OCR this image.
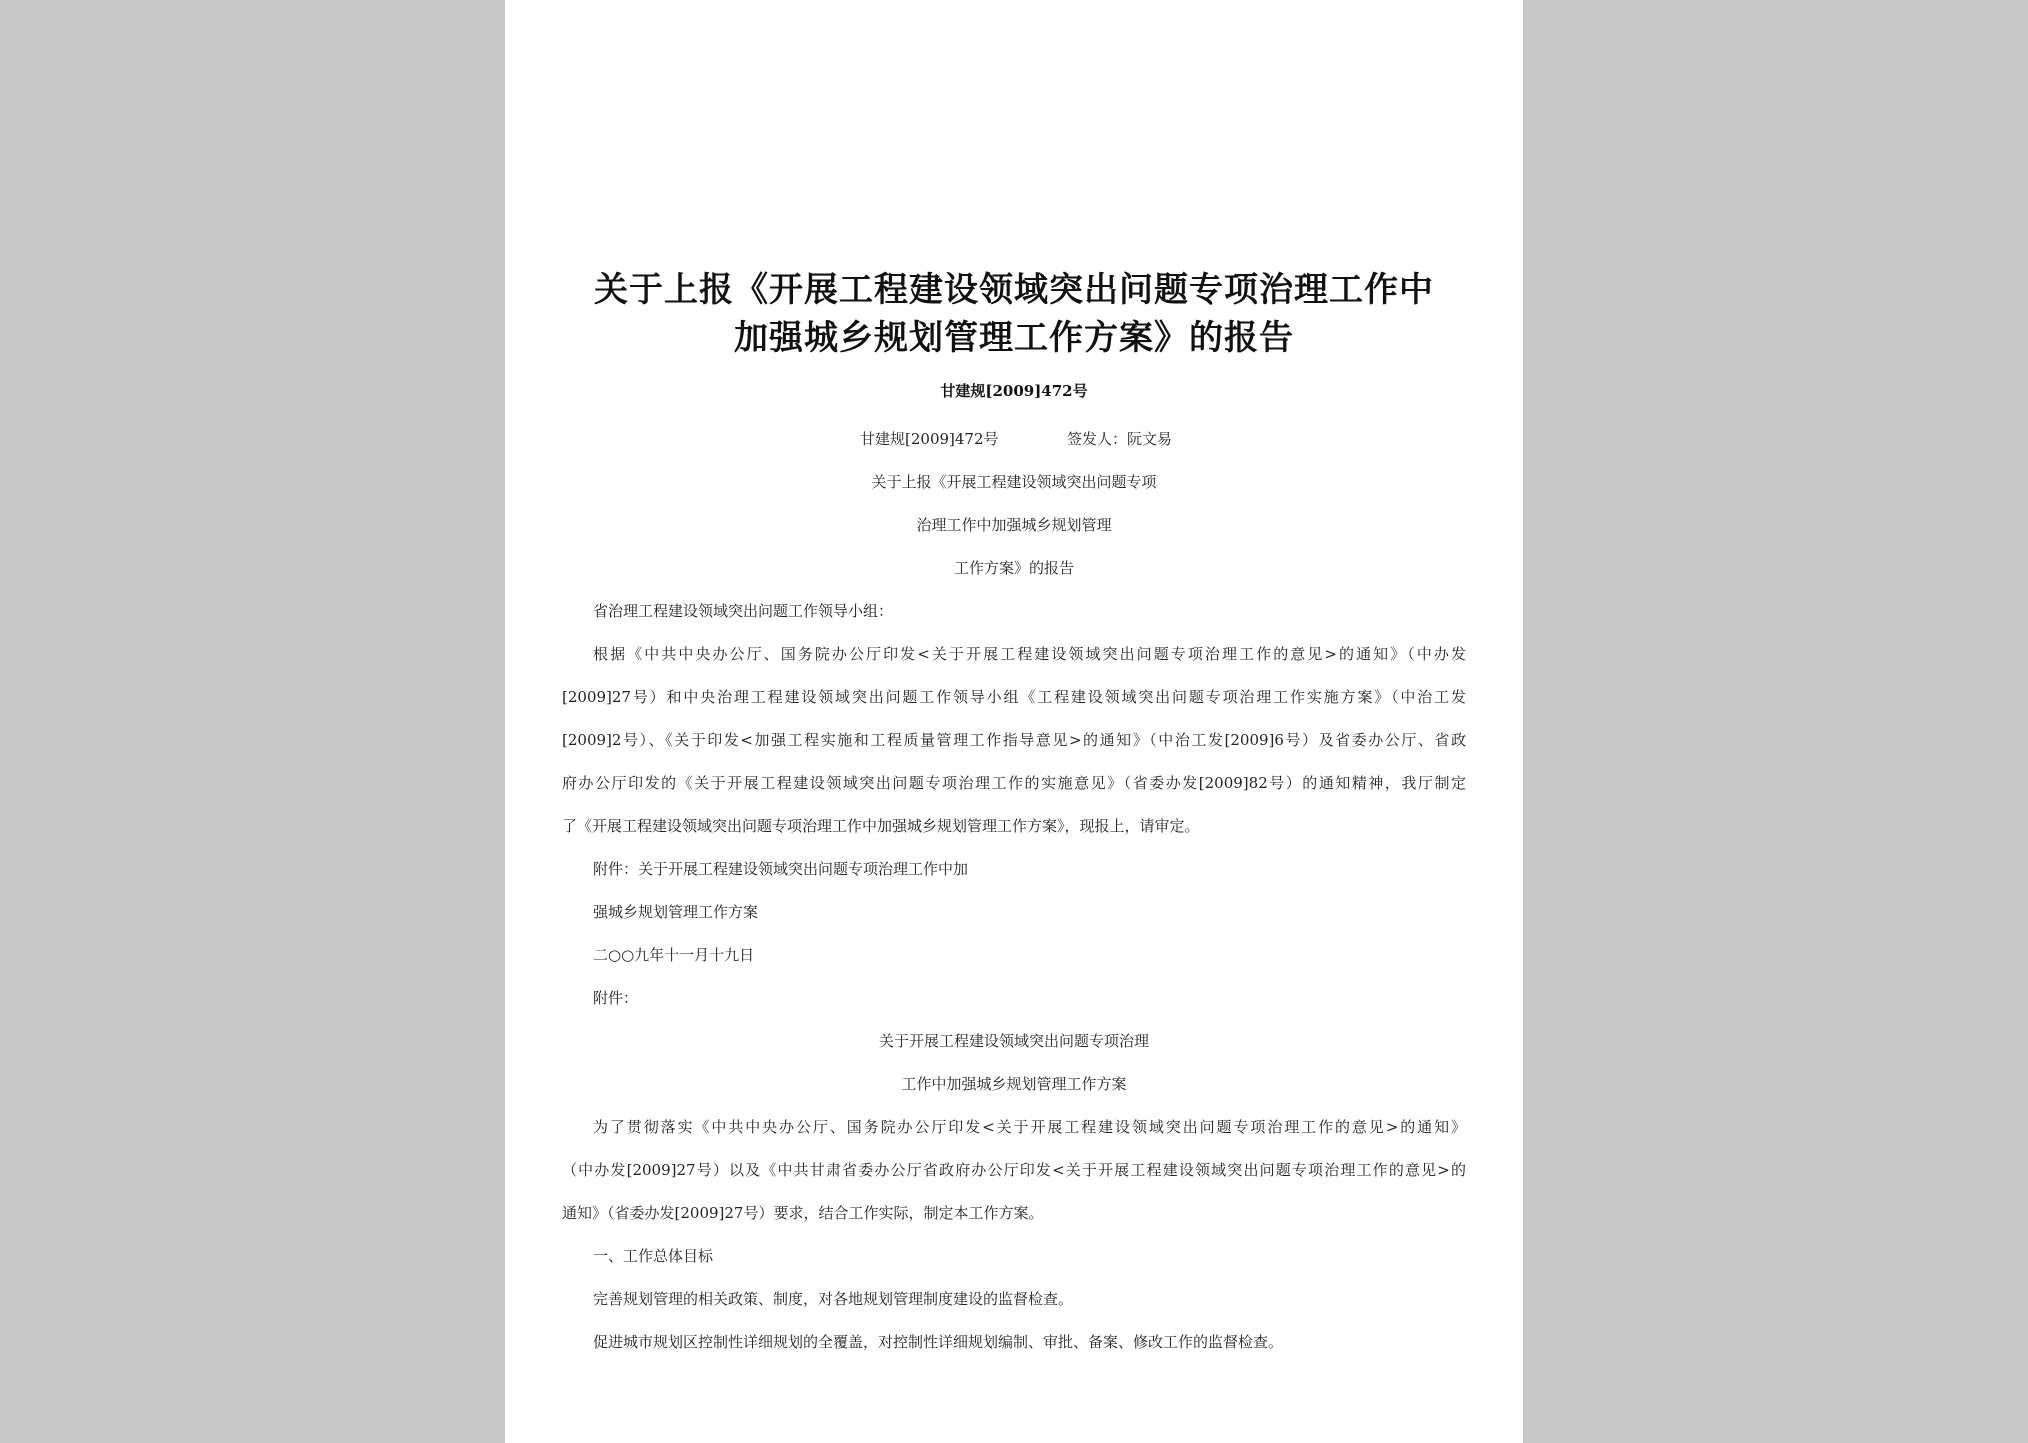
关于上报《开展工程建设领域突出问题专项治理工作中
加强城乡规划管理工作方案》的报告
甘建规[2009]472号
甘建规[2009]472号	签发人：阮文易
关于上报《开展工程建设领域突出问题专项
治理工作中加强城乡规划管理
工作方案》的报告
省治理工程建设领域突出问题工作领导小组：
根据《中共中央办公厅、国务院办公厅印发<关于开展工程建设领域突出问题专项治理工作的意见>的通知》（中办发
[2009]27号）和中央治理工程建设领域突出问题工作领导小组《工程建设领域突出问题专项治理工作实施方案》（中治工发
[2009]2号）、《关于印发<加强工程实施和工程质量管理工作指导意见>的通知》（中治工发[2009]6号）及省委办公厅、省政
府办公厅印发的《关于开展工程建设领域突出问题专项治理工作的实施意见》（省委办发[2009]82号）的通知精神，我厅制定
了《开展工程建设领域突出问题专项治理工作中加强城乡规划管理工作方案》，现报上，请审定。
附件：关于开展工程建设领域突出问题专项治理工作中加
强城乡规划管理工作方案
二○○九年十一月十九日
附件：
关于开展工程建设领域突出问题专项治理
工作中加强城乡规划管理工作方案
为了贯彻落实《中共中央办公厅、国务院办公厅印发<关于开展工程建设领域突出问题专项治理工作的意见>的通知》
（中办发[2009]27号）以及《中共甘肃省委办公厅省政府办公厅印发<关于开展工程建设领域突出问题专项治理工作的意见>的
通知》（省委办发[2009]27号）要求，结合工作实际，制定本工作方案。
一、工作总体目标
完善规划管理的相关政策、制度，对各地规划管理制度建设的监督检查。
促进城市规划区控制性详细规划的全覆盖，对控制性详细规划编制、审批、备案、修改工作的监督检查。
